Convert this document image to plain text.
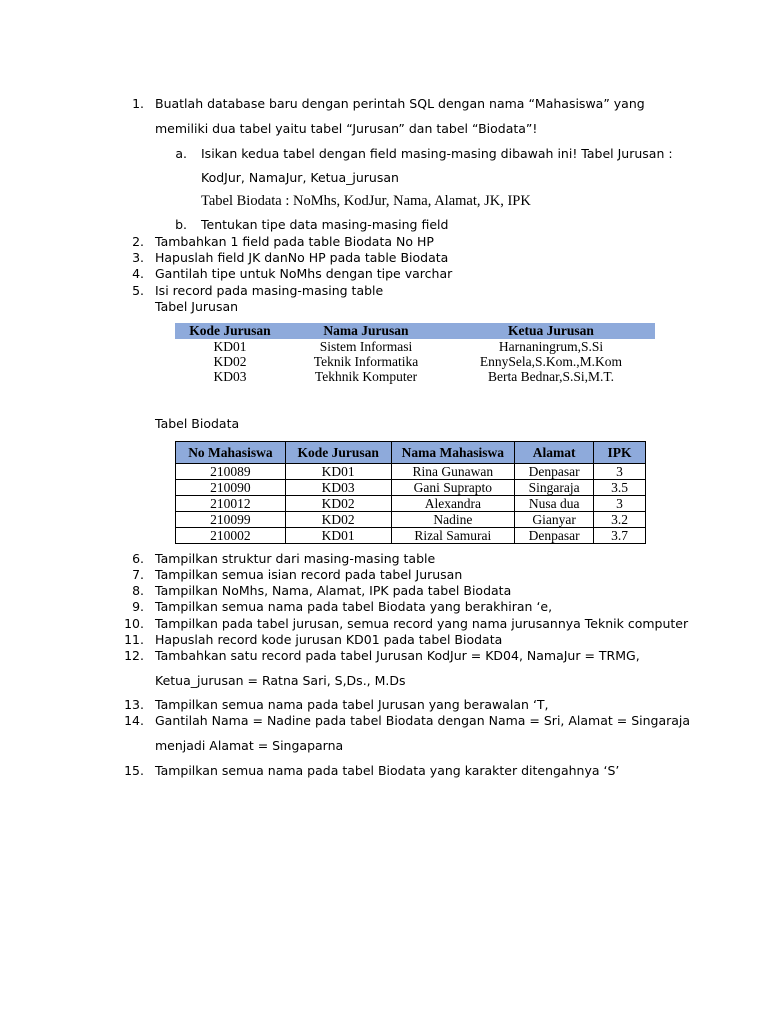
1. Buatlah database baru dengan perintah SQL dengan nama “Mahasiswa” yang
memiliki dua tabel yaitu tabel “Jurusan” dan tabel “Biodata”!
a. Isikan kedua tabel dengan field masing-masing dibawah ini! Tabel Jurusan :
KodJur, NamaJur, Ketua_jurusan
Tabel Biodata : NoMhs, KodJur, Nama, Alamat, JK, IPK
b. Tentukan tipe data masing-masing field
2. Tambahkan 1 field pada table Biodata No HP
3. Hapuslah field JK danNo HP pada table Biodata
4. Gantilah tipe untuk NoMhs dengan tipe varchar
5. Isi record pada masing-masing table
Tabel Jurusan
Kode Jurusan	Nama Jurusan	Ketua Jurusan
KD01	Sistem Informasi	Harnaningrum,S.Si
KD02	Teknik Informatika	EnnySela,S.Kom.,M.Kom
KD03	Tekhnik Komputer	Berta Bednar,S.Si,M.T.
Tabel Biodata
No Mahasiswa	Kode Jurusan	Nama Mahasiswa	Alamat	IPK
210089	KD01	Rina Gunawan	Denpasar	3
210090	KD03	Gani Suprapto	Singaraja	3.5
210012	KD02	Alexandra	Nusa dua	3
210099	KD02	Nadine	Gianyar	3.2
210002	KD01	Rizal Samurai	Denpasar	3.7
6. Tampilkan struktur dari masing-masing table
7. Tampilkan semua isian record pada tabel Jurusan
8. Tampilkan NoMhs, Nama, Alamat, IPK pada tabel Biodata
9. Tampilkan semua nama pada tabel Biodata yang berakhiran ‘e,
10. Tampilkan pada tabel jurusan, semua record yang nama jurusannya Teknik computer
11. Hapuslah record kode jurusan KD01 pada tabel Biodata
12. Tambahkan satu record pada tabel Jurusan KodJur = KD04, NamaJur = TRMG,
Ketua_jurusan = Ratna Sari, S,Ds., M.Ds
13. Tampilkan semua nama pada tabel Jurusan yang berawalan ‘T,
14. Gantilah Nama = Nadine pada tabel Biodata dengan Nama = Sri, Alamat = Singaraja
menjadi Alamat = Singaparna
15. Tampilkan semua nama pada tabel Biodata yang karakter ditengahnya ‘S’
